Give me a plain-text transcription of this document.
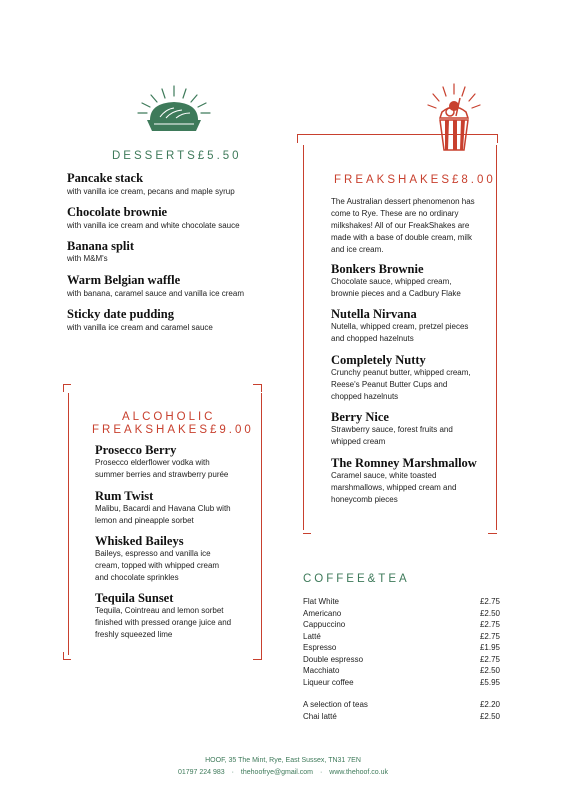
DESSERTS£5.50
Pancake stack
with vanilla ice cream, pecans and maple syrup
Chocolate brownie
with vanilla ice cream and white chocolate sauce
Banana split
with M&M's
Warm Belgian waffle
with banana, caramel sauce and vanilla ice cream
Sticky date pudding
with vanilla ice cream and caramel sauce
FREAKSHAKES£8.00
The Australian dessert phenomenon has
come to Rye. These are no ordinary
milkshakes! All of our FreakShakes are
made with a base of double cream, milk
and ice cream.
Bonkers Brownie
Chocolate sauce, whipped cream,
brownie pieces and a Cadbury Flake
Nutella Nirvana
Nutella, whipped cream, pretzel pieces
and chopped hazelnuts
Completely Nutty
Crunchy peanut butter, whipped cream,
Reese's Peanut Butter Cups and
chopped hazelnuts
Berry Nice
Strawberry sauce, forest fruits and
whipped cream
The Romney Marshmallow
Caramel sauce, white toasted
marshmallows, whipped cream and
honeycomb pieces
ALCOHOLIC
FREAKSHAKES£9.00
Prosecco Berry
Prosecco elderflower vodka with
summer berries and strawberry purée
Rum Twist
Malibu, Bacardi and Havana Club with
lemon and pineapple sorbet
Whisked Baileys
Baileys, espresso and vanilla ice
cream, topped with whipped cream
and chocolate sprinkles
Tequila Sunset
Tequila, Cointreau and lemon sorbet
finished with pressed orange juice and
freshly squeezed lime
COFFEE&TEA
Flat White	£2.75
Americano	£2.50
Cappuccino	£2.75
Latté	£2.75
Espresso	£1.95
Double espresso	£2.75
Macchiato	£2.50
Liqueur coffee	£5.95
A selection of teas	£2.20
Chai latté	£2.50
HOOF, 35 The Mint, Rye, East Sussex, TN31 7EN
01797 224 983 · thehoofrye@gmail.com · www.thehoof.co.uk
